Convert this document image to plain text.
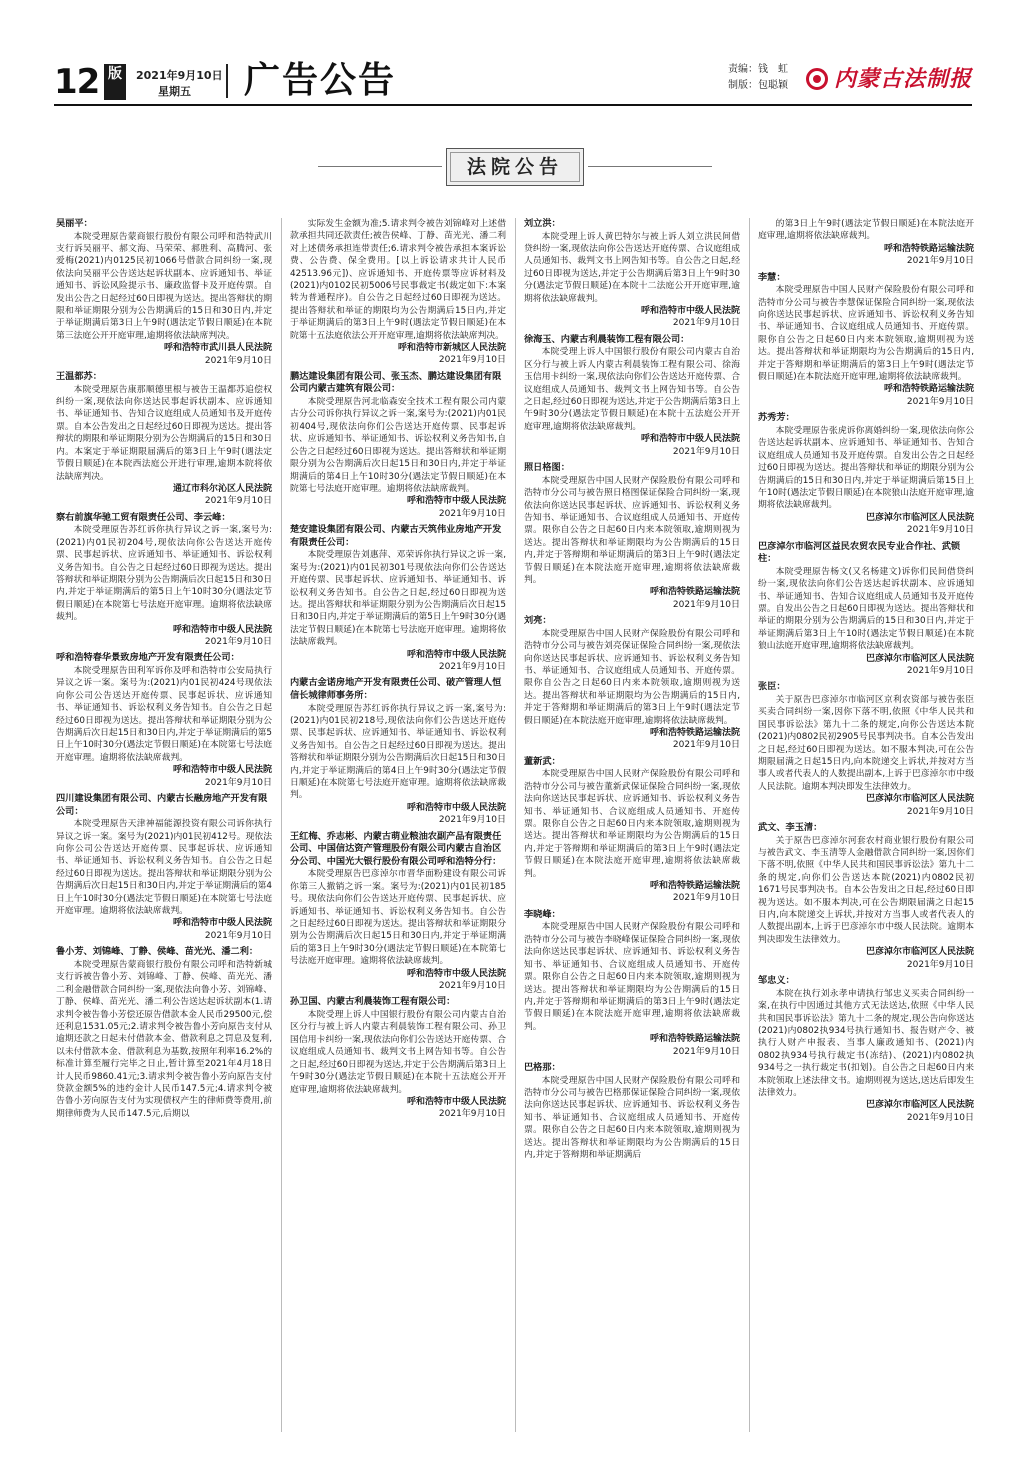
12 版	2021年9月10日
星期五	广告公告	责编：钱　虹
制版：包聪颖 内蒙古法制报
法院公告
吴丽平：
本院受理原告蒙商银行股份有限公司呼和浩特武川支行诉吴丽平、郝文海、马荣荣、郝胜利、高腾河、张爱梅(2021)内0125民初1066号借款合同纠纷一案,现依法向吴丽平公告送达起诉状副本、应诉通知书、举证通知书、诉讼风险提示书、廉政监督卡及开庭传票。自发出公告之日起经过60日即视为送达。提出答辩状的期限和举证期限分别为公告期满后的15日和30日内,并定于举证期满后第3日上午9时(遇法定节假日顺延)在本院第三法庭公开开庭审理,逾期将依法缺席判决。
呼和浩特市武川县人民法院
2021年9月10日
王温都苏：
本院受理原告康那顺德里根与被告王温都苏追偿权纠纷一案,现依法向你送达民事起诉状副本、应诉通知书、举证通知书、告知合议庭组成人员通知书及开庭传票。自本公告发出之日起经过60日即视为送达。提出答辩状的期限和举证期限分别为公告期满后的15日和30日内。本案定于举证期限届满后的第3日上午9时(遇法定节假日顺延)在本院西法庭公开进行审理,逾期本院将依法缺席判决。
通辽市科尔沁区人民法院
2021年9月10日
察右前旗华驰工贸有限责任公司、李云峰：
本院受理原告苏红诉你执行异议之诉一案,案号为:(2021)内01民初204号,现依法向你公告送达开庭传票、民事起诉状、应诉通知书、举证通知书、诉讼权利义务告知书。自公告之日起经过60日即视为送达。提出答辩状和举证期限分别为公告期满后次日起15日和30日内,并定于举证期满后的第5日上午10时30分(遇法定节假日顺延)在本院第七号法庭开庭审理。逾期将依法缺席裁判。
呼和浩特市中级人民法院
2021年9月10日
呼和浩特春华景致房地产开发有限责任公司：
本院受理原告田利军诉你及呼和浩特市公安局执行异议之诉一案。案号为:(2021)内01民初424号现依法向你公司公告送达开庭传票、民事起诉状、应诉通知书、举证通知书、诉讼权利义务告知书。自公告之日起经过60日即视为送达。提出答辩状和举证期限分别为公告期满后次日起15日和30日内,并定于举证期满后的第5日上午10时30分(遇法定节假日顺延)在本院第七号法庭开庭审理。逾期将依法缺席裁判。
呼和浩特市中级人民法院
2021年9月10日
四川建设集团有限公司、内蒙古长融房地产开发有限公司：
本院受理原告天津神福能源投资有限公司诉你执行异议之诉一案。案号为(2021)内01民初412号。现依法向你公司公告送达开庭传票、民事起诉状、应诉通知书、举证通知书、诉讼权利义务告知书。自公告之日起经过60日即视为送达。提出答辩状和举证期限分别为公告期满后次日起15日和30日内,并定于举证期满后的第4日上午10时30分(遇法定节假日顺延)在本院第七号法庭开庭审理。逾期将依法缺席裁判。
呼和浩特市中级人民法院
2021年9月10日
鲁小芳、刘锦峰、丁静、侯峰、苗光光、潘二利：
本院受理原告蒙商银行股份有限公司呼和浩特新城支行诉被告鲁小芳、刘锦峰、丁静、侯峰、苗光光、潘二利金融借款合同纠纷一案,现依法向鲁小芳、刘锦峰、丁静、侯峰、苗光光、潘二利公告送达起诉状副本(1.请求判令被告鲁小芳偿还原告借款本金人民币29500元,偿还利息1531.05元;2.请求判令被告鲁小芳向原告支付从逾期还款之日起未付借款本金、借款利息之罚息及复利,以未付借款本金、借款利息为基数,按照年利率16.2%的标准计算至履行完毕之日止,暂计算至2021年4月18日计人民币9860.41元;3.请求判令被告鲁小芳向原告支付贷款金额5%的违约金计人民币147.5元;4.请求判令被告鲁小芳向原告支付为实现债权产生的律师费等费用,前期律师费为人民币147.5元,后期以
实际发生金额为准;5.请求判令被告刘锦峰对上述借款承担共同还款责任;被告侯峰、丁静、苗光光、潘二利对上述债务承担连带责任;6.请求判令被告承担本案诉讼费、公告费、保全费用。[以上诉讼请求共计人民币42513.96元])、应诉通知书、开庭传票等应诉材料及(2021)内0102民初5006号民事裁定书(裁定如下:本案转为普通程序)。自公告之日起经过60日即视为送达。提出答辩状和举证的期限均为公告期满后15日内,并定于举证期满后的第3日上午9时(遇法定节假日顺延)在本院第十五法庭依法公开开庭审理,逾期将依法缺席判决。
呼和浩特市新城区人民法院
2021年9月10日
鹏达建设集团有限公司、张玉杰、鹏达建设集团有限公司内蒙古建筑有限公司：
本院受理原告河北临森安全技术工程有限公司内蒙古分公司诉你执行异议之诉一案,案号为:(2021)内01民初404号,现依法向你们公告送达开庭传票、民事起诉状、应诉通知书、举证通知书、诉讼权利义务告知书,自公告之日起经过60日即视为送达。提出答辩状和举证期限分别为公告期满后次日起15日和30日内,并定于举证期满后的第4日上午10时30分(遇法定节假日顺延)在本院第七号法庭开庭审理。逾期将依法缺席裁判。
呼和浩特市中级人民法院
2021年9月10日
楚安建设集团有限公司、内蒙古天筑伟业房地产开发有限责任公司：
本院受理原告刘惠萍、邓荣诉你执行异议之诉一案,案号为:(2021)内01民初301号现依法向你们公告送达开庭传票、民事起诉状、应诉通知书、举证通知书、诉讼权利义务告知书。自公告之日起,经过60日即视为送达。提出答辩状和举证期限分别为公告期满后次日起15日和30日内,并定于举证期满后的第5日上午9时30分(遇法定节假日顺延)在本院第七号法庭开庭审理。逾期将依法缺席裁判。
呼和浩特市中级人民法院
2021年9月10日
内蒙古金诺房地产开发有限责任公司、破产管理人恒信长城律师事务所：
本院受理原告苏红诉你执行异议之诉一案,案号为:(2021)内01民初218号,现依法向你们公告送达开庭传票、民事起诉状、应诉通知书、举证通知书、诉讼权利义务告知书。自公告之日起经过60日即视为送达。提出答辩状和举证期限分别为公告期满后次日起15日和30日内,并定于举证期满后的第4日上午9时30分(遇法定节假日顺延)在本院第七号法庭开庭审理。逾期将依法缺席裁判。
呼和浩特市中级人民法院
2021年9月10日
王红梅、乔志彬、内蒙古萌业粮油农副产品有限责任公司、中国信达资产管理股份有限公司内蒙古自治区分公司、中国光大银行股份有限公司呼和浩特分行：
本院受理原告巴彦淖尔市晋华面粉建设有限公司诉你第三人撤销之诉一案。案号为:(2021)内01民初185号。现依法向你们公告送达开庭传票、民事起诉状、应诉通知书、举证通知书、诉讼权利义务告知书。自公告之日起经过60日即视为送达。提出答辩状和举证期限分别为公告期满后次日起15日和30日内,并定于举证期满后的第3日上午9时30分(遇法定节假日顺延)在本院第七号法庭开庭审理。逾期将依法缺席裁判。
呼和浩特市中级人民法院
2021年9月10日
孙卫国、内蒙古利晨装饰工程有限公司：
本院受理上诉人中国银行股份有限公司内蒙古自治区分行与被上诉人内蒙古利晨装饰工程有限公司、孙卫国信用卡纠纷一案,现依法向你们公告送达开庭传票、合议庭组成人员通知书、裁判文书上网告知书等。自公告之日起,经过60日即视为送达,并定于公告期满后第3日上午9时30分(遇法定节假日顺延)在本院十五法庭公开开庭审理,逾期将依法缺席裁判。
呼和浩特市中级人民法院
2021年9月10日
刘立洪：
本院受理上诉人黄巴特尔与被上诉人刘立洪民间借贷纠纷一案,现依法向你公告送达开庭传票、合议庭组成人员通知书、裁判文书上网告知书等。自公告之日起,经过60日即视为送达,并定于公告期满后第3日上午9时30分(遇法定节假日顺延)在本院十二法庭公开开庭审理,逾期将依法缺席裁判。
呼和浩特市中级人民法院
2021年9月10日
徐海玉、内蒙古利晨装饰工程有限公司：
本院受理上诉人中国银行股份有限公司内蒙古自治区分行与被上诉人内蒙古利晨装饰工程有限公司、徐海玉信用卡纠纷一案,现依法向你们公告送达开庭传票、合议庭组成人员通知书、裁判文书上网告知书等。自公告之日起,经过60日即视为送达,并定于公告期满后第3日上午9时30分(遇法定节假日顺延)在本院十五法庭公开开庭审理,逾期将依法缺席裁判。
呼和浩特市中级人民法院
2021年9月10日
照日格图：
本院受理原告中国人民财产保险股份有限公司呼和浩特市分公司与被告照日格图保证保险合同纠纷一案,现依法向你送达民事起诉状、应诉通知书、诉讼权利义务告知书、举证通知书、合议庭组成人员通知书、开庭传票。限你自公告之日起60日内来本院领取,逾期则视为送达。提出答辩状和举证期限均为公告期满后的15日内,并定于答辩期和举证期满后的第3日上午9时(遇法定节假日顺延)在本院法庭开庭审理,逾期将依法缺席裁判。
呼和浩特铁路运输法院
2021年9月10日
刘亮：
本院受理原告中国人民财产保险股份有限公司呼和浩特市分公司与被告刘亮保证保险合同纠纷一案,现依法向你送达民事起诉状、应诉通知书、诉讼权利义务告知书、举证通知书、合议庭组成人员通知书、开庭传票。限你自公告之日起60日内来本院领取,逾期则视为送达。提出答辩状和举证期限均为公告期满后的15日内,并定于答辩期和举证期满后的第3日上午9时(遇法定节假日顺延)在本院法庭开庭审理,逾期将依法缺席裁判。
呼和浩特铁路运输法院
2021年9月10日
董新武：
本院受理原告中国人民财产保险股份有限公司呼和浩特市分公司与被告董新武保证保险合同纠纷一案,现依法向你送达民事起诉状、应诉通知书、诉讼权利义务告知书、举证通知书、合议庭组成人员通知书、开庭传票。限你自公告之日起60日内来本院领取,逾期则视为送达。提出答辩状和举证期限均为公告期满后的15日内,并定于答辩期和举证期满后的第3日上午9时(遇法定节假日顺延)在本院法庭开庭审理,逾期将依法缺席裁判。
呼和浩特铁路运输法院
2021年9月10日
李晓峰：
本院受理原告中国人民财产保险股份有限公司呼和浩特市分公司与被告李晓峰保证保险合同纠纷一案,现依法向你送达民事起诉状、应诉通知书、诉讼权利义务告知书、举证通知书、合议庭组成人员通知书、开庭传票。限你自公告之日起60日内来本院领取,逾期则视为送达。提出答辩状和举证期限均为公告期满后的15日内,并定于答辩期和举证期满后的第3日上午9时(遇法定节假日顺延)在本院法庭开庭审理,逾期将依法缺席裁判。
呼和浩特铁路运输法院
2021年9月10日
巴格那：
本院受理原告中国人民财产保险股份有限公司呼和浩特市分公司与被告巴格那保证保险合同纠纷一案,现依法向你送达民事起诉状、应诉通知书、诉讼权利义务告知书、举证通知书、合议庭组成人员通知书、开庭传票。限你自公告之日起60日内来本院领取,逾期则视为送达。提出答辩状和举证期限均为公告期满后的15日内,并定于答辩期和举证期满后
的第3日上午9时(遇法定节假日顺延)在本院法庭开庭审理,逾期将依法缺席裁判。
呼和浩特铁路运输法院
2021年9月10日
李慧：
本院受理原告中国人民财产保险股份有限公司呼和浩特市分公司与被告李慧保证保险合同纠纷一案,现依法向你送达民事起诉状、应诉通知书、诉讼权利义务告知书、举证通知书、合议庭组成人员通知书、开庭传票。限你自公告之日起60日内来本院领取,逾期则视为送达。提出答辩状和举证期限均为公告期满后的15日内,并定于答辩期和举证期满后的第3日上午9时(遇法定节假日顺延)在本院法庭开庭审理,逾期将依法缺席裁判。
呼和浩特铁路运输法院
2021年9月10日
苏秀芳：
本院受理原告张虎诉你离婚纠纷一案,现依法向你公告送达起诉状副本、应诉通知书、举证通知书、告知合议庭组成人员通知书及开庭传票。自发出公告之日起经过60日即视为送达。提出答辩状和举证的期限分别为公告期满后的15日和30日内,并定于举证期满后第15日上午10时(遇法定节假日顺延)在本院狼山法庭开庭审理,逾期将依法缺席裁判。
巴彦淖尔市临河区人民法院
2021年9月10日
巴彦淖尔市临河区益民农贸农民专业合作社、武锁柱：
本院受理原告杨文(又名杨建文)诉你们民间借贷纠纷一案,现依法向你们公告送达起诉状副本、应诉通知书、举证通知书、告知合议庭组成人员通知书及开庭传票。自发出公告之日起60日即视为送达。提出答辩状和举证的期限分别为公告期满后的15日和30日内,并定于举证期满后第3日上午10时(遇法定节假日顺延)在本院狼山法庭开庭审理,逾期将依法缺席裁判。
巴彦淖尔市临河区人民法院
2021年9月10日
张臣：
关于原告巴彦淖尔市临河区京利农资部与被告张臣买卖合同纠纷一案,因你下落不明,依照《中华人民共和国民事诉讼法》第九十二条的规定,向你公告送达本院(2021)内0802民初2905号民事判决书。自本公告发出之日起,经过60日即视为送达。如不服本判决,可在公告期限届满之日起15日内,向本院递交上诉状,并按对方当事人或者代表人的人数提出副本,上诉于巴彦淖尔市中级人民法院。逾期本判决即发生法律效力。
巴彦淖尔市临河区人民法院
2021年9月10日
武文、李玉清：
关于原告巴彦淖尔河套农村商业银行股份有限公司与被告武文、李玉清等人金融借款合同纠纷一案,因你们下落不明,依照《中华人民共和国民事诉讼法》第九十二条的规定,向你们公告送达本院(2021)内0802民初1671号民事判决书。自本公告发出之日起,经过60日即视为送达。如不服本判决,可在公告期限届满之日起15日内,向本院递交上诉状,并按对方当事人或者代表人的人数提出副本,上诉于巴彦淖尔市中级人民法院。逾期本判决即发生法律效力。
巴彦淖尔市临河区人民法院
2021年9月10日
邹忠义：
本院在执行刘永孝申请执行邹忠义买卖合同纠纷一案,在执行中因通过其他方式无法送达,依照《中华人民共和国民事诉讼法》第九十二条的规定,现公告向你送达(2021)内0802执934号执行通知书、报告财产令、被执行人财产申报表、当事人廉政通知书、(2021)内0802执934号执行裁定书(冻结)、(2021)内0802执934号之一执行裁定书(扣划)。自公告之日起60日内来本院领取上述法律文书。逾期则视为送达,送达后即发生法律效力。
巴彦淖尔市临河区人民法院
2021年9月10日
